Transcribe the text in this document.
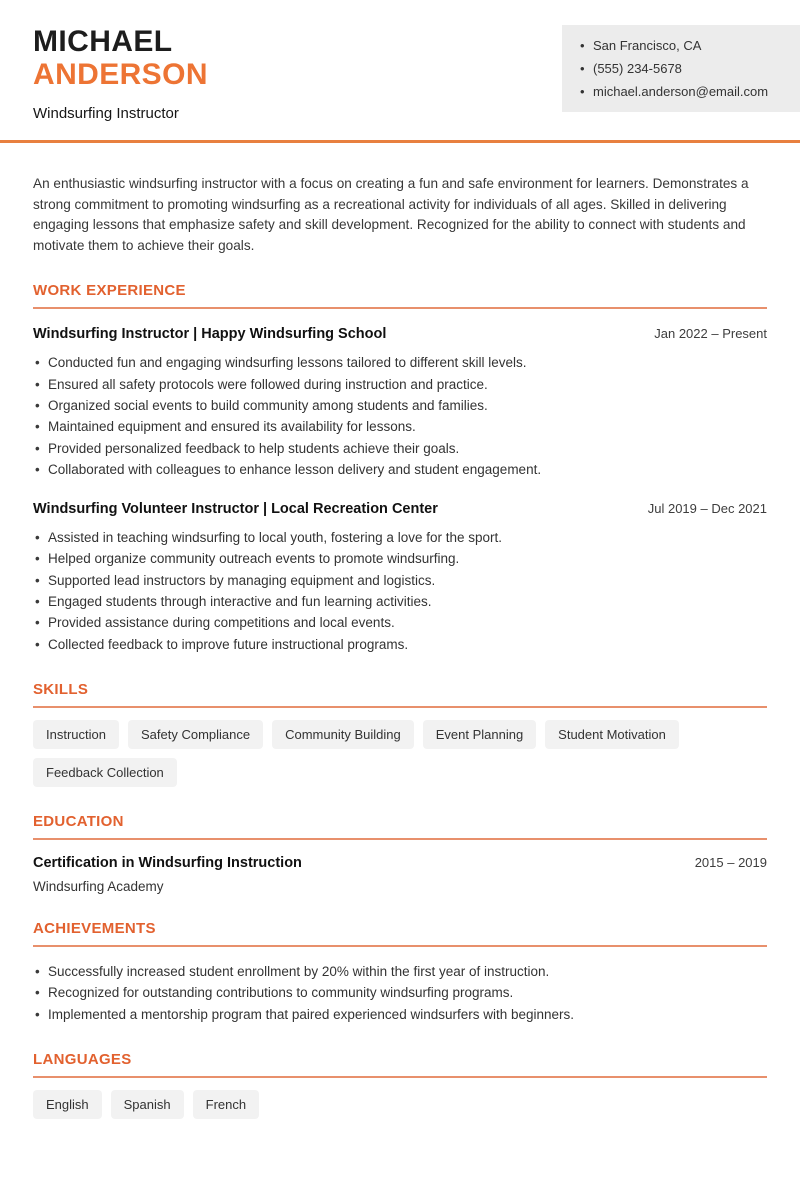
MICHAEL
ANDERSON
Windsurfing Instructor
• San Francisco, CA
• (555) 234-5678
• michael.anderson@email.com

An enthusiastic windsurfing instructor with a focus on creating a fun and safe environment for learners. Demonstrates a strong commitment to promoting windsurfing as a recreational activity for individuals of all ages. Skilled in delivering engaging lessons that emphasize safety and skill development. Recognized for the ability to connect with students and motivate them to achieve their goals.

WORK EXPERIENCE
Windsurfing Instructor | Happy Windsurfing School	Jan 2022 – Present
• Conducted fun and engaging windsurfing lessons tailored to different skill levels.
• Ensured all safety protocols were followed during instruction and practice.
• Organized social events to build community among students and families.
• Maintained equipment and ensured its availability for lessons.
• Provided personalized feedback to help students achieve their goals.
• Collaborated with colleagues to enhance lesson delivery and student engagement.
Windsurfing Volunteer Instructor | Local Recreation Center	Jul 2019 – Dec 2021
• Assisted in teaching windsurfing to local youth, fostering a love for the sport.
• Helped organize community outreach events to promote windsurfing.
• Supported lead instructors by managing equipment and logistics.
• Engaged students through interactive and fun learning activities.
• Provided assistance during competitions and local events.
• Collected feedback to improve future instructional programs.
SKILLS
Instruction	Safety Compliance	Community Building	Event Planning	Student Motivation
Feedback Collection
EDUCATION
Certification in Windsurfing Instruction	2015 – 2019
Windsurfing Academy
ACHIEVEMENTS
• Successfully increased student enrollment by 20% within the first year of instruction.
• Recognized for outstanding contributions to community windsurfing programs.
• Implemented a mentorship program that paired experienced windsurfers with beginners.
LANGUAGES
English	Spanish	French
